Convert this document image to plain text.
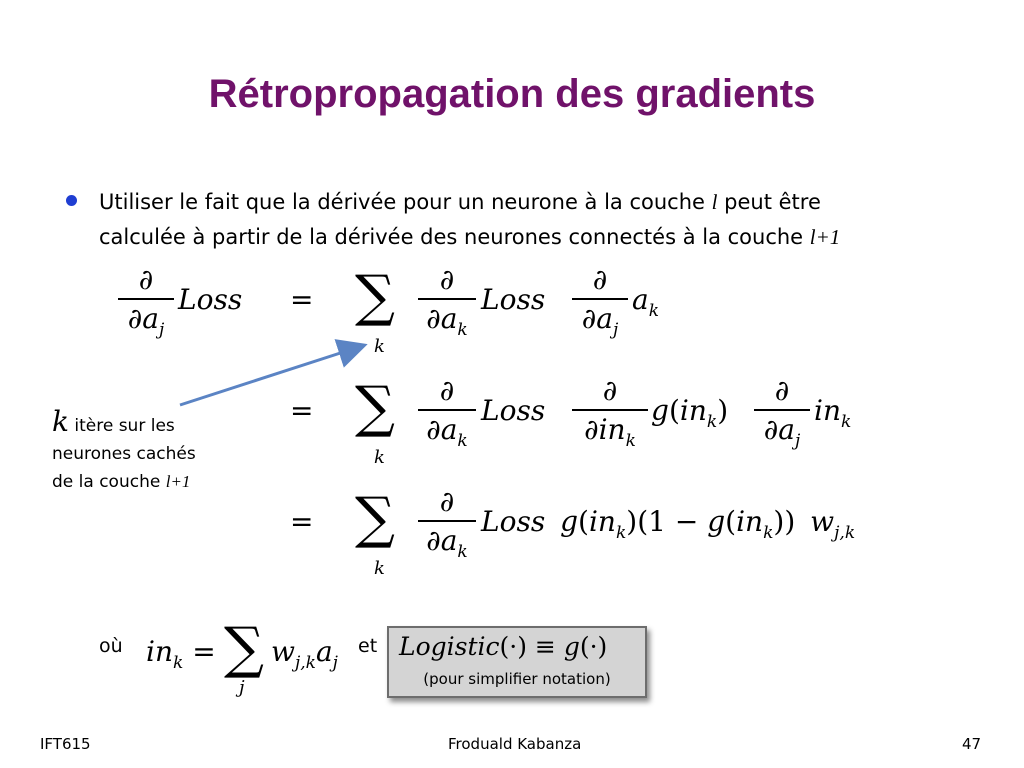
Rétropropagation des gradients
Utiliser le fait que la dérivée pour un neurone à la couche l peut être
calculée à partir de la dérivée des neurones connectés à la couche l+1
∂
$\partial a_j$
Loss = ∑
k
∂
$\partial a_k$
Loss
∂
$\partial a_j$
$a_k$
= ∑
k
∂
$\partial a_k$
Loss
∂
$\partial in_k$
$g(in_k)$
∂
$\partial a_j$
$in_k$
= ∑
k
∂
$\partial a_k$
Loss $g(in_k)(1 - g(in_k))$ $w_{j,k}$
k itère sur les
neurones cachés
de la couche l+1
où $in_k$ = ∑
j
$w_{j,k}a_j$
et Logistic(·) ≡ g(·)
(pour simplifier notation)
IFT615	Froduald Kabanza	47
